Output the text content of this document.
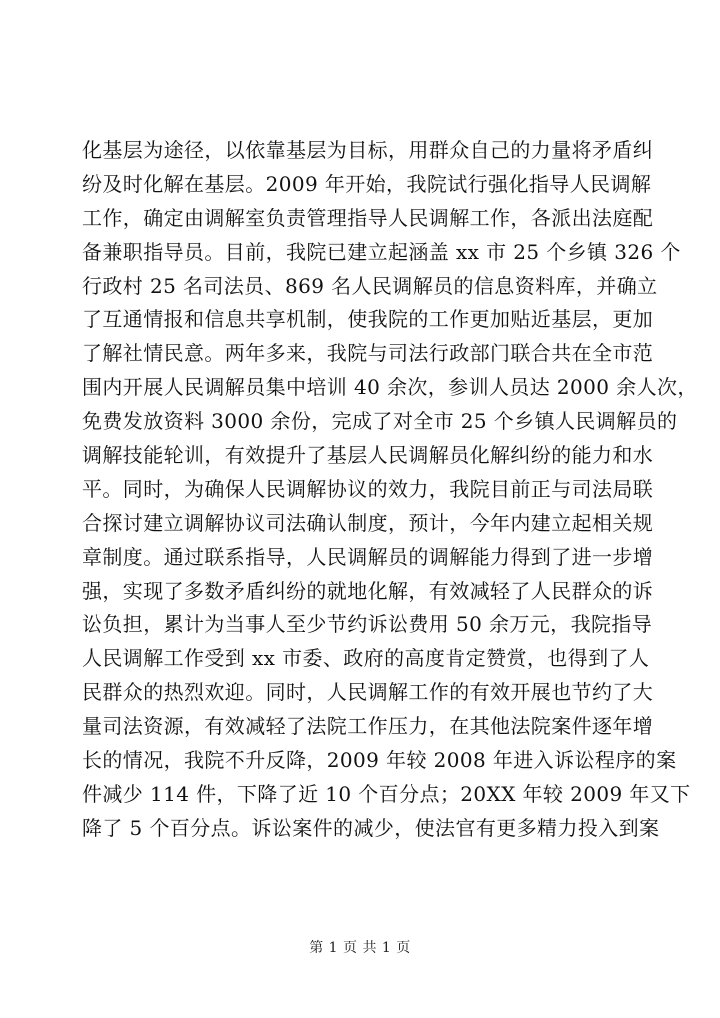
化基层为途径，以依靠基层为目标，用群众自己的力量将矛盾纠
纷及时化解在基层。2009 年开始，我院试行强化指导人民调解
工作，确定由调解室负责管理指导人民调解工作，各派出法庭配
备兼职指导员。目前，我院已建立起涵盖 xx 市 25 个乡镇 326 个
行政村 25 名司法员、869 名人民调解员的信息资料库，并确立
了互通情报和信息共享机制，使我院的工作更加贴近基层，更加
了解社情民意。两年多来，我院与司法行政部门联合共在全市范
围内开展人民调解员集中培训 40 余次，参训人员达 2000 余人次，
免费发放资料 3000 余份，完成了对全市 25 个乡镇人民调解员的
调解技能轮训，有效提升了基层人民调解员化解纠纷的能力和水
平。同时，为确保人民调解协议的效力，我院目前正与司法局联
合探讨建立调解协议司法确认制度，预计，今年内建立起相关规
章制度。通过联系指导，人民调解员的调解能力得到了进一步增
强，实现了多数矛盾纠纷的就地化解，有效减轻了人民群众的诉
讼负担，累计为当事人至少节约诉讼费用 50 余万元，我院指导
人民调解工作受到 xx 市委、政府的高度肯定赞赏，也得到了人
民群众的热烈欢迎。同时，人民调解工作的有效开展也节约了大
量司法资源，有效减轻了法院工作压力，在其他法院案件逐年增
长的情况，我院不升反降，2009 年较 2008 年进入诉讼程序的案
件减少 114 件，下降了近 10 个百分点；20XX 年较 2009 年又下
降了 5 个百分点。诉讼案件的减少，使法官有更多精力投入到案
第 1 页 共 1 页
